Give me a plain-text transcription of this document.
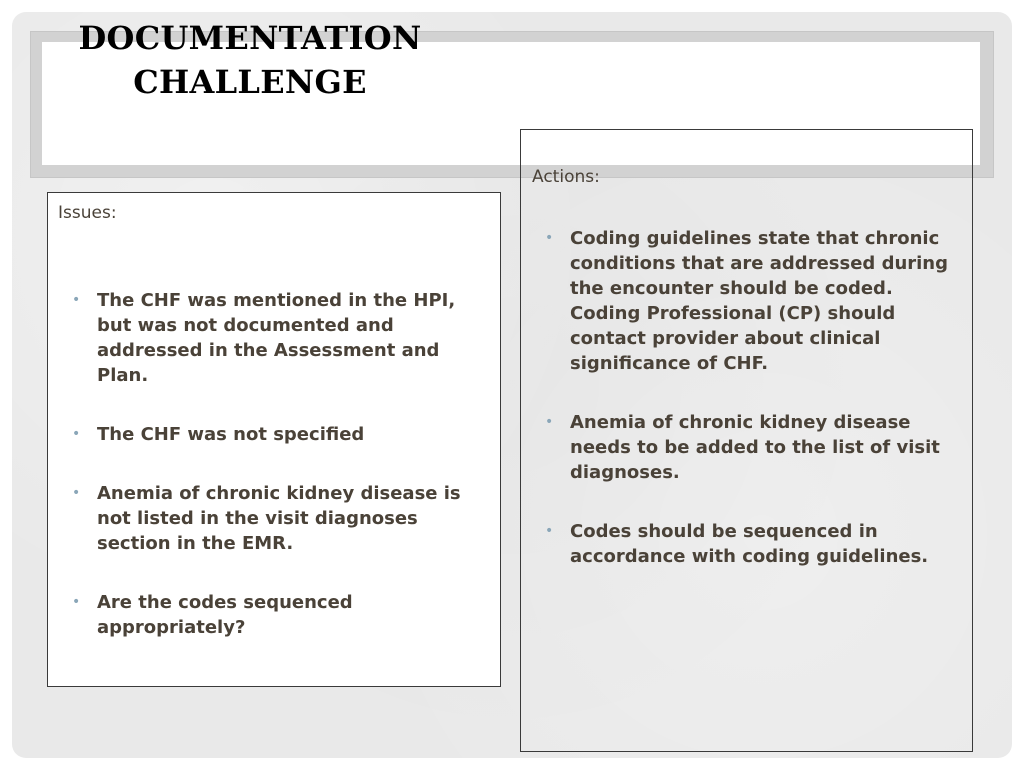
DOCUMENTATION
CHALLENGE

Issues:

• The CHF was mentioned in the HPI, but was not documented and addressed in the Assessment and Plan.
• The CHF was not specified
• Anemia of chronic kidney disease is not listed in the visit diagnoses section in the EMR.
• Are the codes sequenced appropriately?

Actions:

• Coding guidelines state that chronic conditions that are addressed during the encounter should be coded. Coding Professional (CP) should contact provider about clinical significance of CHF.
• Anemia of chronic kidney disease needs to be added to the list of visit diagnoses.
• Codes should be sequenced in accordance with coding guidelines.
